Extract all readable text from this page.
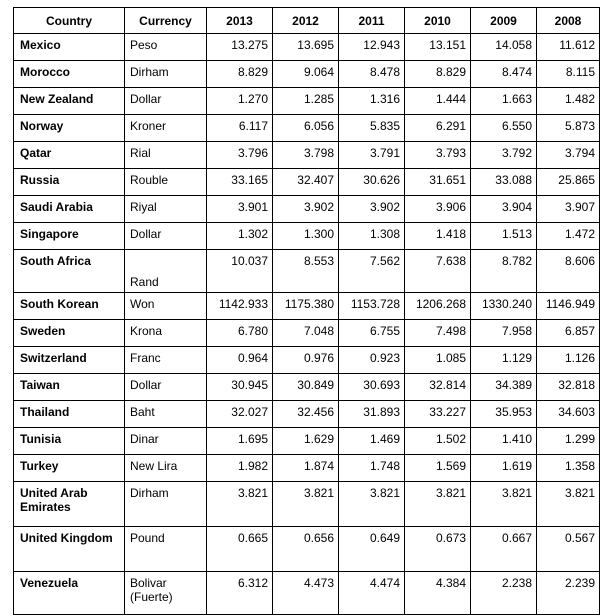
Country	Currency	2013	2012	2011	2010	2009	2008
Mexico	Peso	13.275	13.695	12.943	13.151	14.058	11.612
Morocco	Dirham	8.829	9.064	8.478	8.829	8.474	8.115
New Zealand	Dollar	1.270	1.285	1.316	1.444	1.663	1.482
Norway	Kroner	6.117	6.056	5.835	6.291	6.550	5.873
Qatar	Rial	3.796	3.798	3.791	3.793	3.792	3.794
Russia	Rouble	33.165	32.407	30.626	31.651	33.088	25.865
Saudi Arabia	Riyal	3.901	3.902	3.902	3.906	3.904	3.907
Singapore	Dollar	1.302	1.300	1.308	1.418	1.513	1.472
South Africa	Rand	10.037	8.553	7.562	7.638	8.782	8.606
South Korean	Won	1142.933	1175.380	1153.728	1206.268	1330.240	1146.949
Sweden	Krona	6.780	7.048	6.755	7.498	7.958	6.857
Switzerland	Franc	0.964	0.976	0.923	1.085	1.129	1.126
Taiwan	Dollar	30.945	30.849	30.693	32.814	34.389	32.818
Thailand	Baht	32.027	32.456	31.893	33.227	35.953	34.603
Tunisia	Dinar	1.695	1.629	1.469	1.502	1.410	1.299
Turkey	New Lira	1.982	1.874	1.748	1.569	1.619	1.358
United Arab Emirates	Dirham	3.821	3.821	3.821	3.821	3.821	3.821
United Kingdom	Pound	0.665	0.656	0.649	0.673	0.667	0.567
Venezuela	Bolivar (Fuerte)	6.312	4.473	4.474	4.384	2.238	2.239
